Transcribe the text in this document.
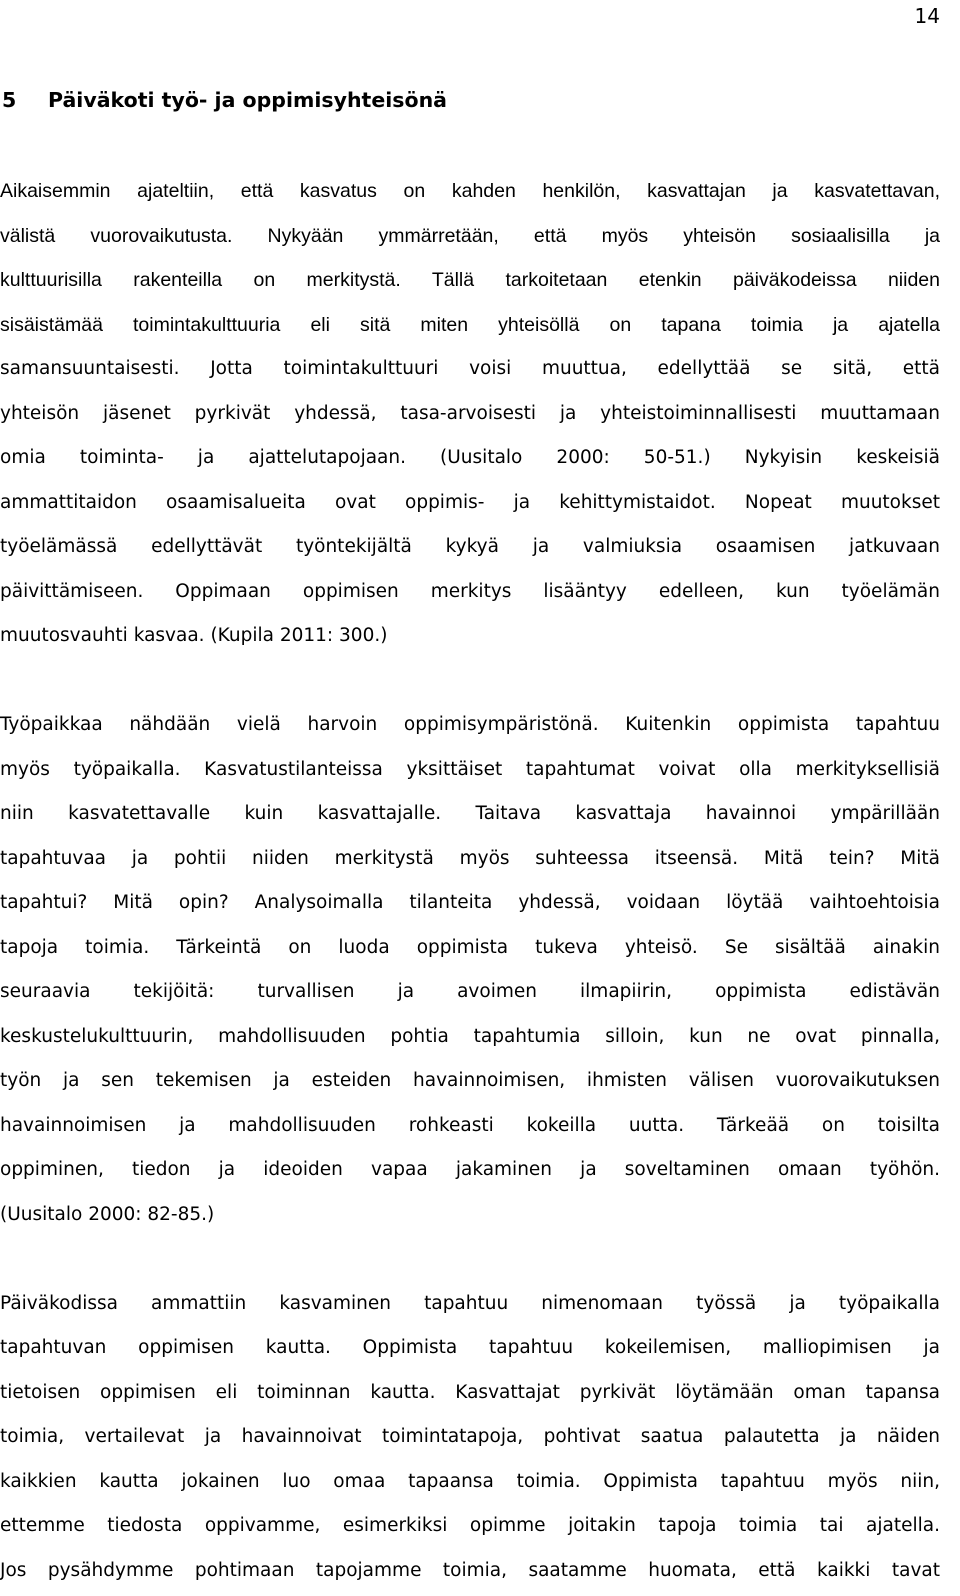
14
5 Päiväkoti työ- ja oppimisyhteisönä

Aikaisemmin ajateltiin, että kasvatus on kahden henkilön, kasvattajan ja kasvatettavan,
välistä vuorovaikutusta. Nykyään ymmärretään, että myös yhteisön sosiaalisilla ja
kulttuurisilla rakenteilla on merkitystä. Tällä tarkoitetaan etenkin päiväkodeissa niiden
sisäistämää toimintakulttuuria eli sitä miten yhteisöllä on tapana toimia ja ajatella
samansuuntaisesti. Jotta toimintakulttuuri voisi muuttua, edellyttää se sitä, että
yhteisön jäsenet pyrkivät yhdessä, tasa-arvoisesti ja yhteistoiminnallisesti muuttamaan
omia toiminta- ja ajattelutapojaan. (Uusitalo 2000: 50-51.) Nykyisin keskeisiä
ammattitaidon osaamisalueita ovat oppimis- ja kehittymistaidot. Nopeat muutokset
työelämässä edellyttävät työntekijältä kykyä ja valmiuksia osaamisen jatkuvaan
päivittämiseen. Oppimaan oppimisen merkitys lisääntyy edelleen, kun työelämän
muutosvauhti kasvaa. (Kupila 2011: 300.)

Työpaikkaa nähdään vielä harvoin oppimisympäristönä. Kuitenkin oppimista tapahtuu
myös työpaikalla. Kasvatustilanteissa yksittäiset tapahtumat voivat olla merkityksellisiä
niin kasvatettavalle kuin kasvattajalle. Taitava kasvattaja havainnoi ympärillään
tapahtuvaa ja pohtii niiden merkitystä myös suhteessa itseensä. Mitä tein? Mitä
tapahtui? Mitä opin? Analysoimalla tilanteita yhdessä, voidaan löytää vaihtoehtoisia
tapoja toimia. Tärkeintä on luoda oppimista tukeva yhteisö. Se sisältää ainakin
seuraavia tekijöitä: turvallisen ja avoimen ilmapiirin, oppimista edistävän
keskustelukulttuurin, mahdollisuuden pohtia tapahtumia silloin, kun ne ovat pinnalla,
työn ja sen tekemisen ja esteiden havainnoimisen, ihmisten välisen vuorovaikutuksen
havainnoimisen ja mahdollisuuden rohkeasti kokeilla uutta. Tärkeää on toisilta
oppiminen, tiedon ja ideoiden vapaa jakaminen ja soveltaminen omaan työhön.
(Uusitalo 2000: 82-85.)

Päiväkodissa ammattiin kasvaminen tapahtuu nimenomaan työssä ja työpaikalla
tapahtuvan oppimisen kautta. Oppimista tapahtuu kokeilemisen, malliopimisen ja
tietoisen oppimisen eli toiminnan kautta. Kasvattajat pyrkivät löytämään oman tapansa
toimia, vertailevat ja havainnoivat toimintatapoja, pohtivat saatua palautetta ja näiden
kaikkien kautta jokainen luo omaa tapaansa toimia. Oppimista tapahtuu myös niin,
ettemme tiedosta oppivamme, esimerkiksi opimme joitakin tapoja toimia tai ajatella.
Jos pysähdymme pohtimaan tapojamme toimia, saatamme huomata, että kaikki tavat
